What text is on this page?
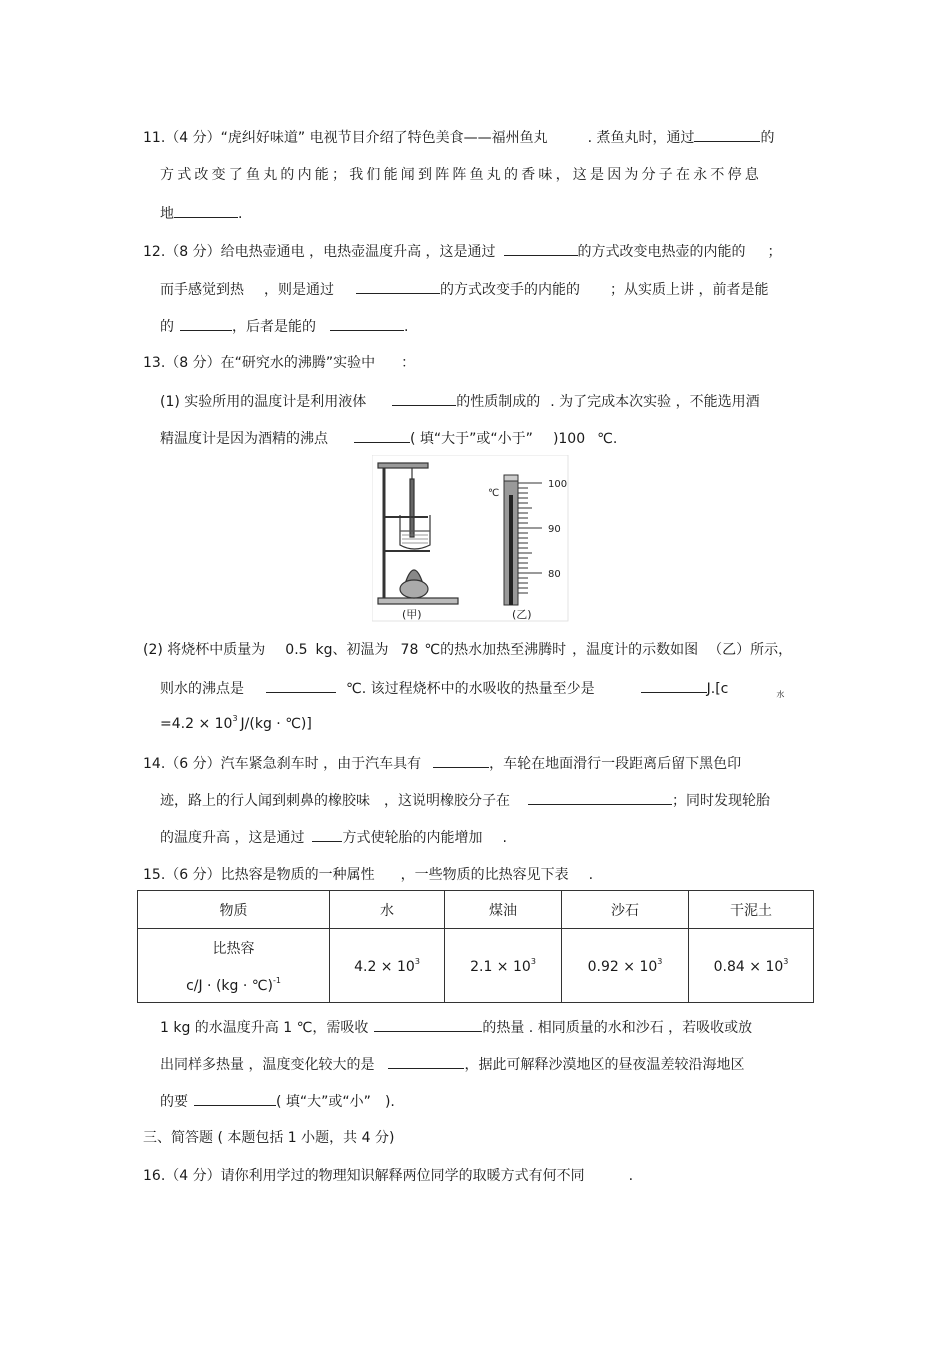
11.（4 分）“虎纠好味道” 电视节目介绍了特色美食——福州鱼丸	. 煮鱼丸时，通过	的
方式改变了鱼丸的内能；我们能闻到阵阵鱼丸的香味，这是因为分子在永不停息
地	.
12.（8 分）给电热壶通电 ，电热壶温度升高 ，这是通过	的方式改变电热壶的内能的 ；
而手感觉到热 ，则是通过	的方式改变手的内能的 ；从实质上讲 ，前者是能
的	，后者是能的	.
13.（8 分）在“研究水的沸腾”实验中 ：
(1) 实验所用的温度计是利用液体	的性质制成的 . 为了完成本次实验 ，不能选用酒
精温度计是因为酒精的沸点	( 填“大于”或“小于” )100 ℃.
℃
100
90
80
(甲)	(乙)
(2) 将烧杯中质量为 0.5 kg、初温为 78 ℃的热水加热至沸腾时 ，温度计的示数如图 （乙）所示，
则水的沸点是	℃. 该过程烧杯中的水吸收的热量至少是	J.[c	$_水$
$=4.2 \times 10^3$ J/(kg · ℃)]
14.（6 分）汽车紧急刹车时 ，由于汽车具有	，车轮在地面滑行一段距离后留下黑色印
迹，路上的行人闻到刺鼻的橡胶味 ，这说明橡胶分子在	；同时发现轮胎
的温度升高 ，这是通过	方式使轮胎的内能增加 .
15.（6 分）比热容是物质的一种属性 ，一些物质的比热容见下表 .
物质	水	煤油	沙石	干泥土

比热容
c/J · (kg · ℃)$^{-1}$	$4.2 \times 10^3$	$2.1 \times 10^3$	$0.92 \times 10^3$	$0.84 \times 10^3$
1 kg 的水温度升高 1 ℃，需吸收	的热量 . 相同质量的水和沙石 ，若吸收或放
出同样多热量 ，温度变化较大的是	，据此可解释沙漠地区的昼夜温差较沿海地区
的要	( 填“大”或“小” ).
三、简答题 ( 本题包括 1 小题，共 4 分)
16.（4 分）请你利用学过的物理知识解释两位同学的取暖方式有何不同	.
